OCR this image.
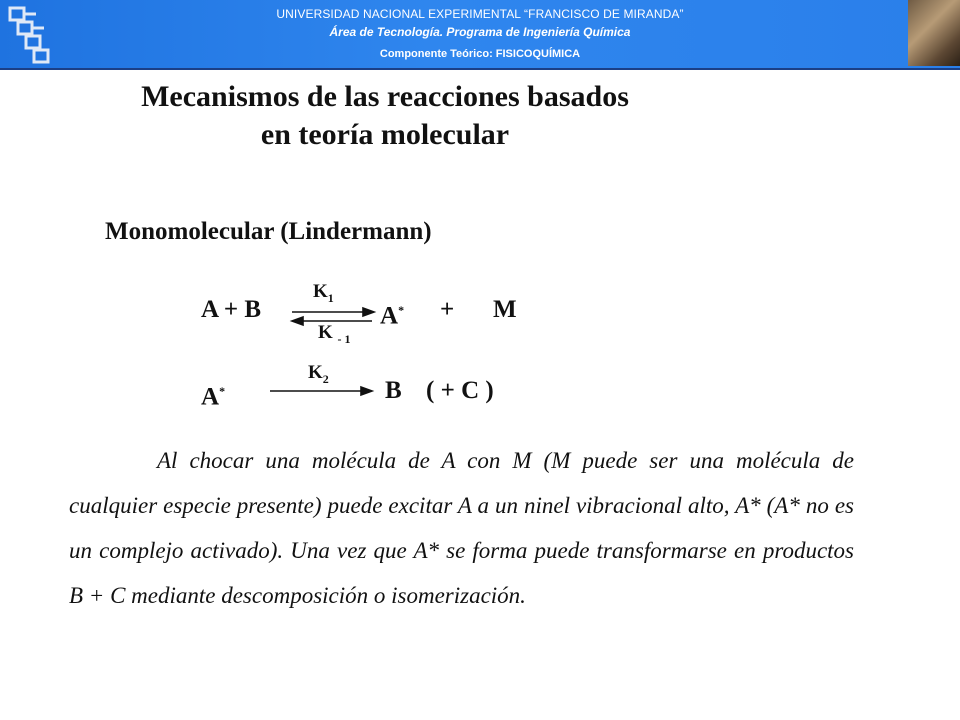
UNIVERSIDAD NACIONAL EXPERIMENTAL “FRANCISCO DE MIRANDA”
Área de Tecnología. Programa de Ingeniería Química
Componente Teórico: FISICOQUÍMICA
Mecanismos de las reacciones basados
en teoría molecular
Monomolecular (Lindermann)
A + B
$K_1$
K $_{- 1}$
A* + M
A*
$K_2$ B ( + C )
Al chocar una molécula de A con M (M puede ser una molécula de cualquier especie presente) puede excitar A a un ninel vibracional alto, A* (A* no es un complejo activado). Una vez que A* se forma puede transformarse en productos B + C mediante descomposición o isomerización.
